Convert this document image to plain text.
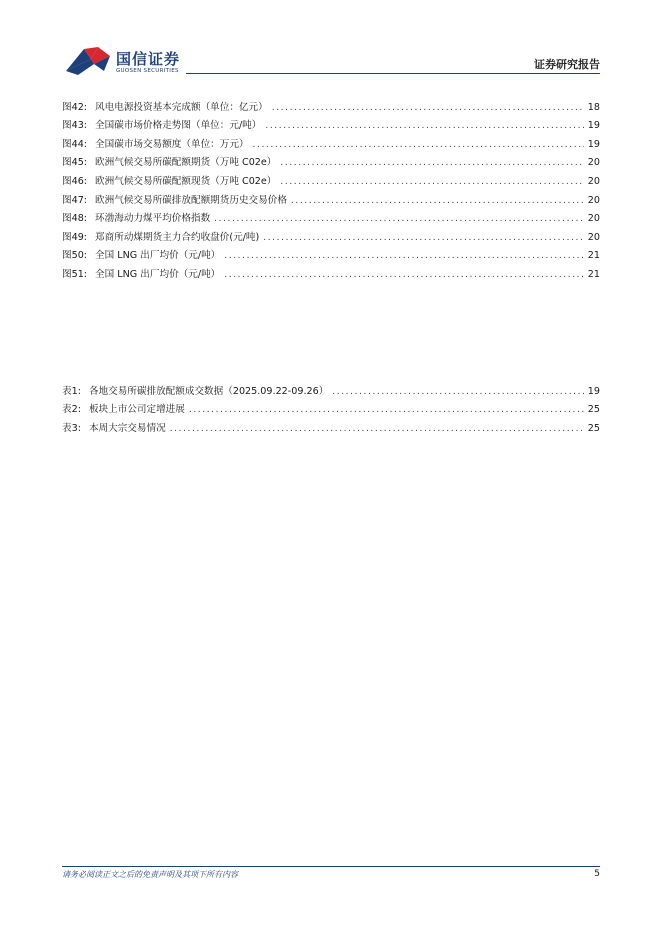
国信证券
GUOSEN SECURITIES	证券研究报告
图42: 风电电源投资基本完成额（单位：亿元） .....	18
图43: 全国碳市场价格走势图（单位：元/吨） .....	19
图44: 全国碳市场交易额度（单位：万元） .....	19
图45: 欧洲气候交易所碳配额期货（万吨 C02e） .....	20
图46: 欧洲气候交易所碳配额现货（万吨 C02e） .....	20
图47: 欧洲气候交易所碳排放配额期货历史交易价格 .....	20
图48: 环渤海动力煤平均价格指数 .....	20
图49: 郑商所动煤期货主力合约收盘价(元/吨) .....	20
图50: 全国 LNG 出厂均价（元/吨） .....	21
图51: 全国 LNG 出厂均价（元/吨） .....	21
表1: 各地交易所碳排放配额成交数据（2025.09.22-09.26） .....	19
表2: 板块上市公司定增进展 .....	25
表3: 本周大宗交易情况 .....	25
请务必阅读正文之后的免责声明及其项下所有内容	5
